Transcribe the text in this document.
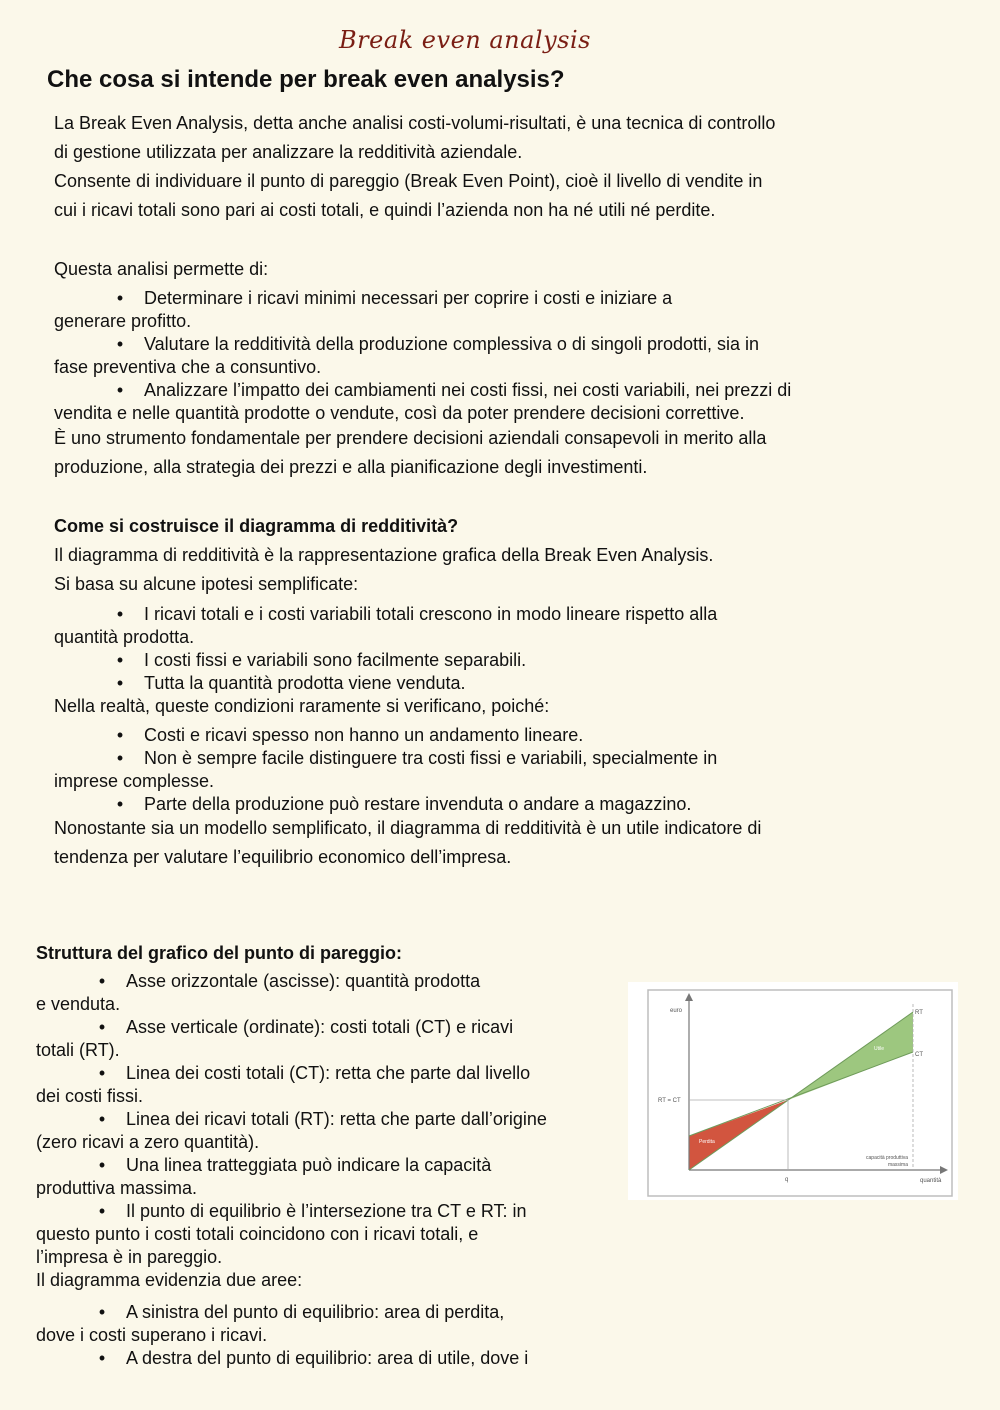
Break even analysis
Che cosa si intende per break even analysis?
La Break Even Analysis, detta anche analisi costi-volumi-risultati, è una tecnica di controllo
di gestione utilizzata per analizzare la redditività aziendale.
Consente di individuare il punto di pareggio (Break Even Point), cioè il livello di vendite in
cui i ricavi totali sono pari ai costi totali, e quindi l’azienda non ha né utili né perdite.
Questa analisi permette di:
• Determinare i ricavi minimi necessari per coprire i costi e iniziare a
generare profitto.
• Valutare la redditività della produzione complessiva o di singoli prodotti, sia in
fase preventiva che a consuntivo.
• Analizzare l’impatto dei cambiamenti nei costi fissi, nei costi variabili, nei prezzi di
vendita e nelle quantità prodotte o vendute, così da poter prendere decisioni correttive.
È uno strumento fondamentale per prendere decisioni aziendali consapevoli in merito alla
produzione, alla strategia dei prezzi e alla pianificazione degli investimenti.
Come si costruisce il diagramma di redditività?
Il diagramma di redditività è la rappresentazione grafica della Break Even Analysis.
Si basa su alcune ipotesi semplificate:
• I ricavi totali e i costi variabili totali crescono in modo lineare rispetto alla
quantità prodotta.
• I costi fissi e variabili sono facilmente separabili.
• Tutta la quantità prodotta viene venduta.
Nella realtà, queste condizioni raramente si verificano, poiché:
• Costi e ricavi spesso non hanno un andamento lineare.
• Non è sempre facile distinguere tra costi fissi e variabili, specialmente in
imprese complesse.
• Parte della produzione può restare invenduta o andare a magazzino.
Nonostante sia un modello semplificato, il diagramma di redditività è un utile indicatore di
tendenza per valutare l’equilibrio economico dell’impresa.
Struttura del grafico del punto di pareggio:
• Asse orizzontale (ascisse): quantità prodotta
e venduta.
• Asse verticale (ordinate): costi totali (CT) e ricavi
totali (RT).
• Linea dei costi totali (CT): retta che parte dal livello
dei costi fissi.
• Linea dei ricavi totali (RT): retta che parte dall’origine
(zero ricavi a zero quantità).
• Una linea tratteggiata può indicare la capacità
produttiva massima.
• Il punto di equilibrio è l’intersezione tra CT e RT: in
questo punto i costi totali coincidono con i ricavi totali, e
l’impresa è in pareggio.
Il diagramma evidenzia due aree:
• A sinistra del punto di equilibrio: area di perdita,
dove i costi superano i ricavi.
• A destra del punto di equilibrio: area di utile, dove i
euro
quantità
RT = CT
q
RT
CT
Perdita
Utile
capacità produttiva
massima
